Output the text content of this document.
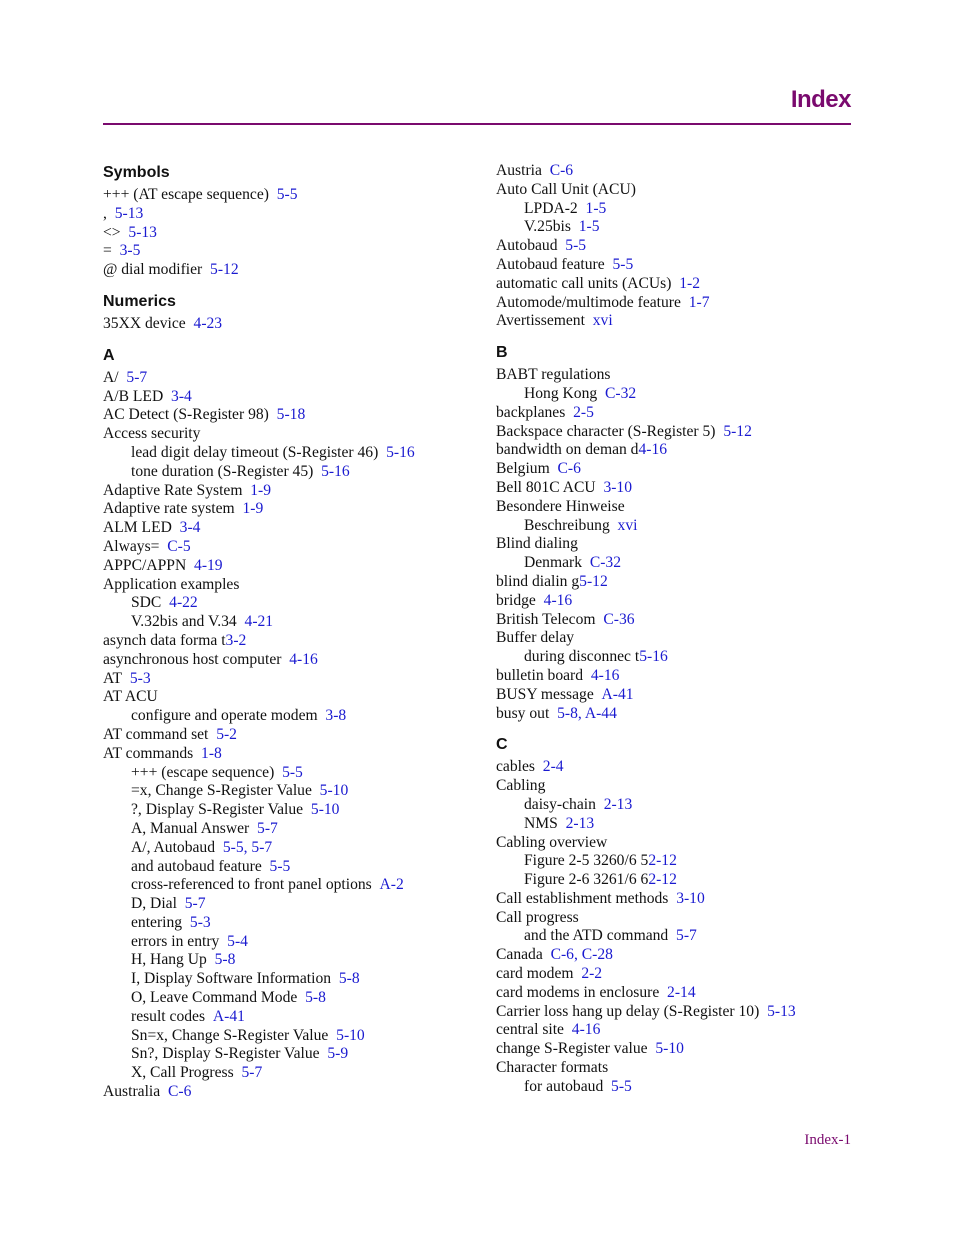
Index
Symbols
+++ (AT escape sequence) 5-5
, 5-13
<> 5-13
= 3-5
@ dial modifier 5-12
Numerics
35XX device 4-23
A
A/ 5-7
A/B LED 3-4
AC Detect (S-Register 98) 5-18
Access security
lead digit delay timeout (S-Register 46) 5-16
tone duration (S-Register 45) 5-16
Adaptive Rate System 1-9
Adaptive rate system 1-9
ALM LED 3-4
Always= C-5
APPC/APPN 4-19
Application examples
SDC 4-22
V.32bis and V.34 4-21
asynch data forma t3-2
asynchronous host computer 4-16
AT 5-3
AT ACU
configure and operate modem 3-8
AT command set 5-2
AT commands 1-8
+++ (escape sequence) 5-5
=x, Change S-Register Value 5-10
?, Display S-Register Value 5-10
A, Manual Answer 5-7
A/, Autobaud 5-5, 5-7
and autobaud feature 5-5
cross-referenced to front panel options A-2
D, Dial 5-7
entering 5-3
errors in entry 5-4
H, Hang Up 5-8
I, Display Software Information 5-8
O, Leave Command Mode 5-8
result codes A-41
Sn=x, Change S-Register Value 5-10
Sn?, Display S-Register Value 5-9
X, Call Progress 5-7
Australia C-6
Austria C-6
Auto Call Unit (ACU)
LPDA-2 1-5
V.25bis 1-5
Autobaud 5-5
Autobaud feature 5-5
automatic call units (ACUs) 1-2
Automode/multimode feature 1-7
Avertissement xvi
B
BABT regulations
Hong Kong C-32
backplanes 2-5
Backspace character (S-Register 5) 5-12
bandwidth on deman d4-16
Belgium C-6
Bell 801C ACU 3-10
Besondere Hinweise
Beschreibung xvi
Blind dialing
Denmark C-32
blind dialin g5-12
bridge 4-16
British Telecom C-36
Buffer delay
during disconnec t5-16
bulletin board 4-16
BUSY message A-41
busy out 5-8, A-44
C
cables 2-4
Cabling
daisy-chain 2-13
NMS 2-13
Cabling overview
Figure 2-5 3260/6 52-12
Figure 2-6 3261/6 62-12
Call establishment methods 3-10
Call progress
and the ATD command 5-7
Canada C-6, C-28
card modem 2-2
card modems in enclosure 2-14
Carrier loss hang up delay (S-Register 10) 5-13
central site 4-16
change S-Register value 5-10
Character formats
for autobaud 5-5
Index-1
